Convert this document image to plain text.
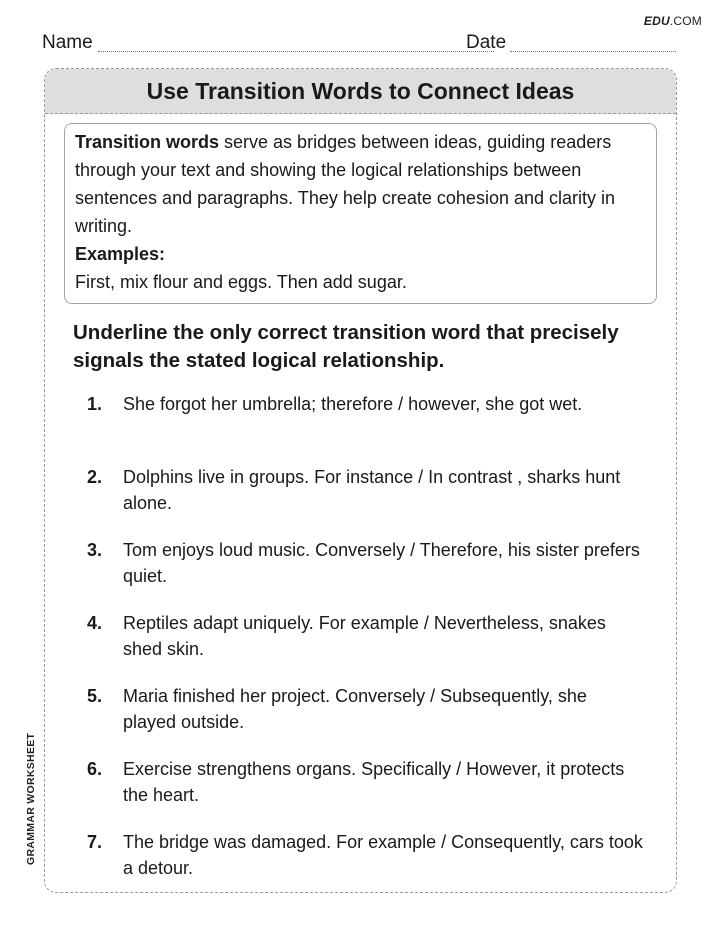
EDU.COM
Name	Date
GRAMMAR WORKSHEET
Use Transition Words to Connect Ideas

Transition words serve as bridges between ideas, guiding readers through your text and showing the logical relationships between sentences and paragraphs. They help create cohesion and clarity in writing.

Examples:

First, mix flour and eggs. Then add sugar.

Underline the only correct transition word that precisely signals the stated logical relationship.
1. She forgot her umbrella; therefore / however, she got wet.
2. Dolphins live in groups. For instance / In contrast , sharks hunt alone.
3. Tom enjoys loud music. Conversely / Therefore, his sister prefers quiet.
4. Reptiles adapt uniquely. For example / Nevertheless, snakes shed skin.
5. Maria finished her project. Conversely / Subsequently, she played outside.
6. Exercise strengthens organs. Specifically / However, it protects the heart.
7. The bridge was damaged. For example / Consequently, cars took a detour.
